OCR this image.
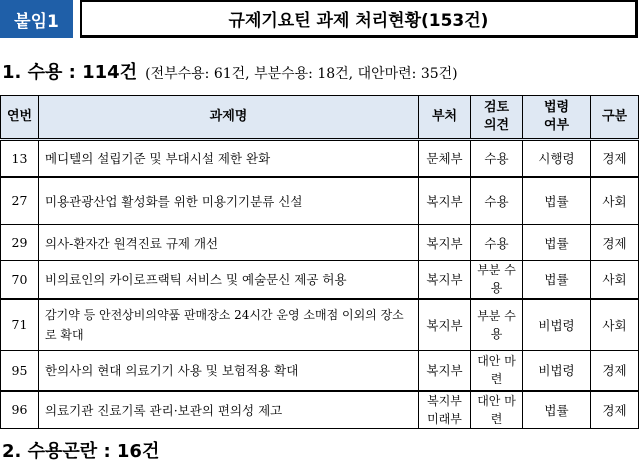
붙임1	규제기요틴 과제 처리현황(153건)
1. 수용 : 114건 (전부수용: 61건, 부분수용: 18건, 대안마련: 35건)
연번	과제명	부처	검토 의견	법령 여부	구분
13	메디텔의 설립기준 및 부대시설 제한 완화	문체부	수용	시행령	경제
27	미용관광산업 활성화를 위한 미용기기분류 신설	복지부	수용	법률	사회
29	의사-환자간 원격진료 규제 개선	복지부	수용	법률	경제
70	비의료인의 카이로프랙틱 서비스 및 예술문신 제공 허용	복지부	부분 수용	법률	사회
71	감기약 등 안전상비의약품 판매장소 24시간 운영 소매점 이외의 장소로 확대	복지부	부분 수용	비법령	사회
95	한의사의 현대 의료기기 사용 및 보험적용 확대	복지부	대안 마련	비법령	경제
96	의료기관 진료기록 관리·보관의 편의성 제고	복지부 미래부	대안 마련	법률	경제
2. 수용곤란 : 16건
